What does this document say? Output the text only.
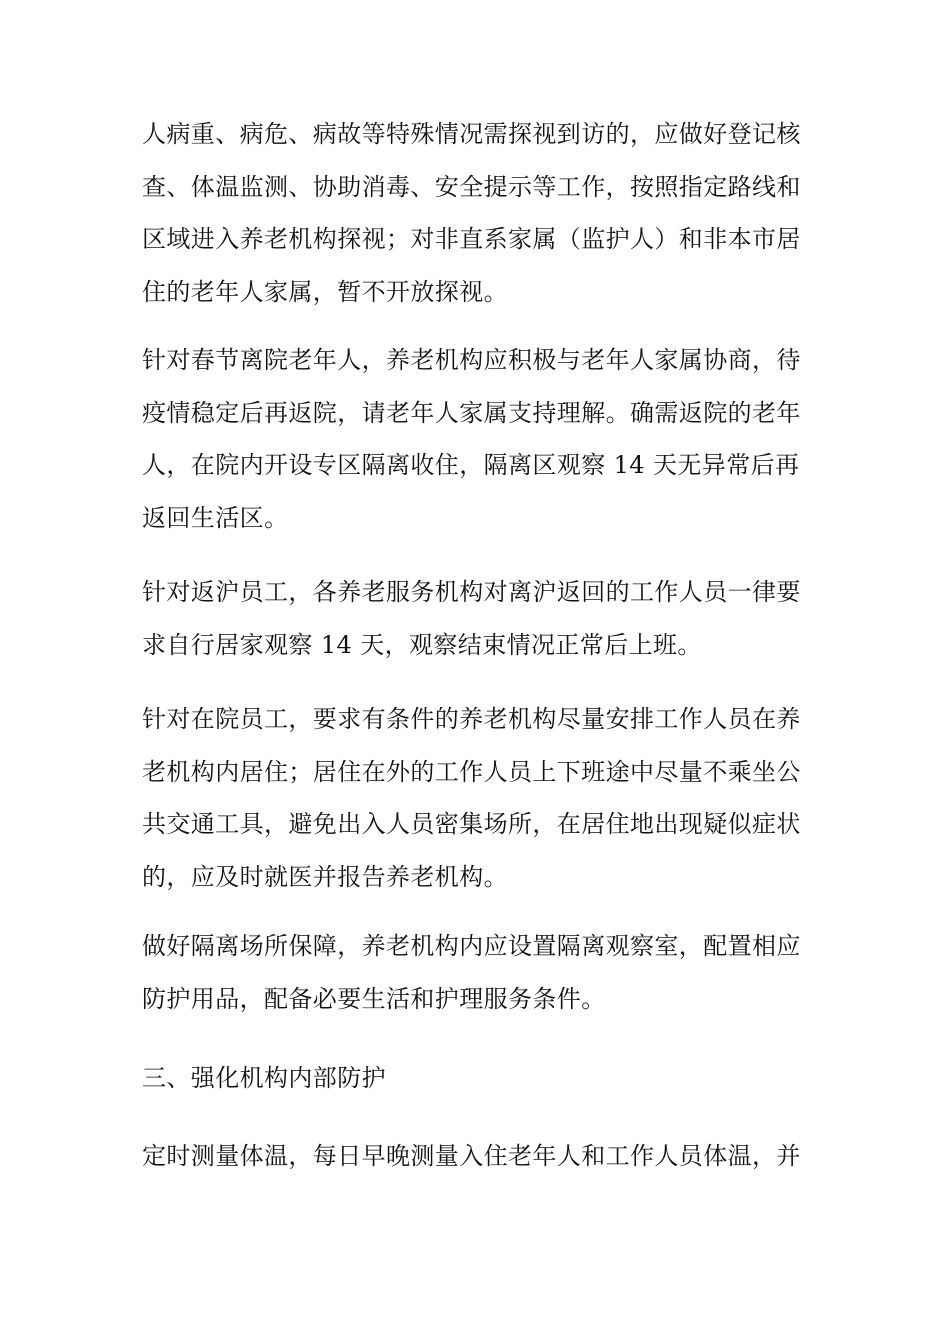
人病重、病危、病故等特殊情况需探视到访的，应做好登记核
查、体温监测、协助消毒、安全提示等工作，按照指定路线和
区域进入养老机构探视；对非直系家属（监护人）和非本市居
住的老年人家属，暂不开放探视。

针对春节离院老年人，养老机构应积极与老年人家属协商，待
疫情稳定后再返院，请老年人家属支持理解。确需返院的老年
人，在院内开设专区隔离收住，隔离区观察 14 天无异常后再
返回生活区。

针对返沪员工，各养老服务机构对离沪返回的工作人员一律要
求自行居家观察 14 天，观察结束情况正常后上班。

针对在院员工，要求有条件的养老机构尽量安排工作人员在养
老机构内居住；居住在外的工作人员上下班途中尽量不乘坐公
共交通工具，避免出入人员密集场所，在居住地出现疑似症状
的，应及时就医并报告养老机构。

做好隔离场所保障，养老机构内应设置隔离观察室，配置相应
防护用品，配备必要生活和护理服务条件。

三、强化机构内部防护

定时测量体温，每日早晚测量入住老年人和工作人员体温，并
